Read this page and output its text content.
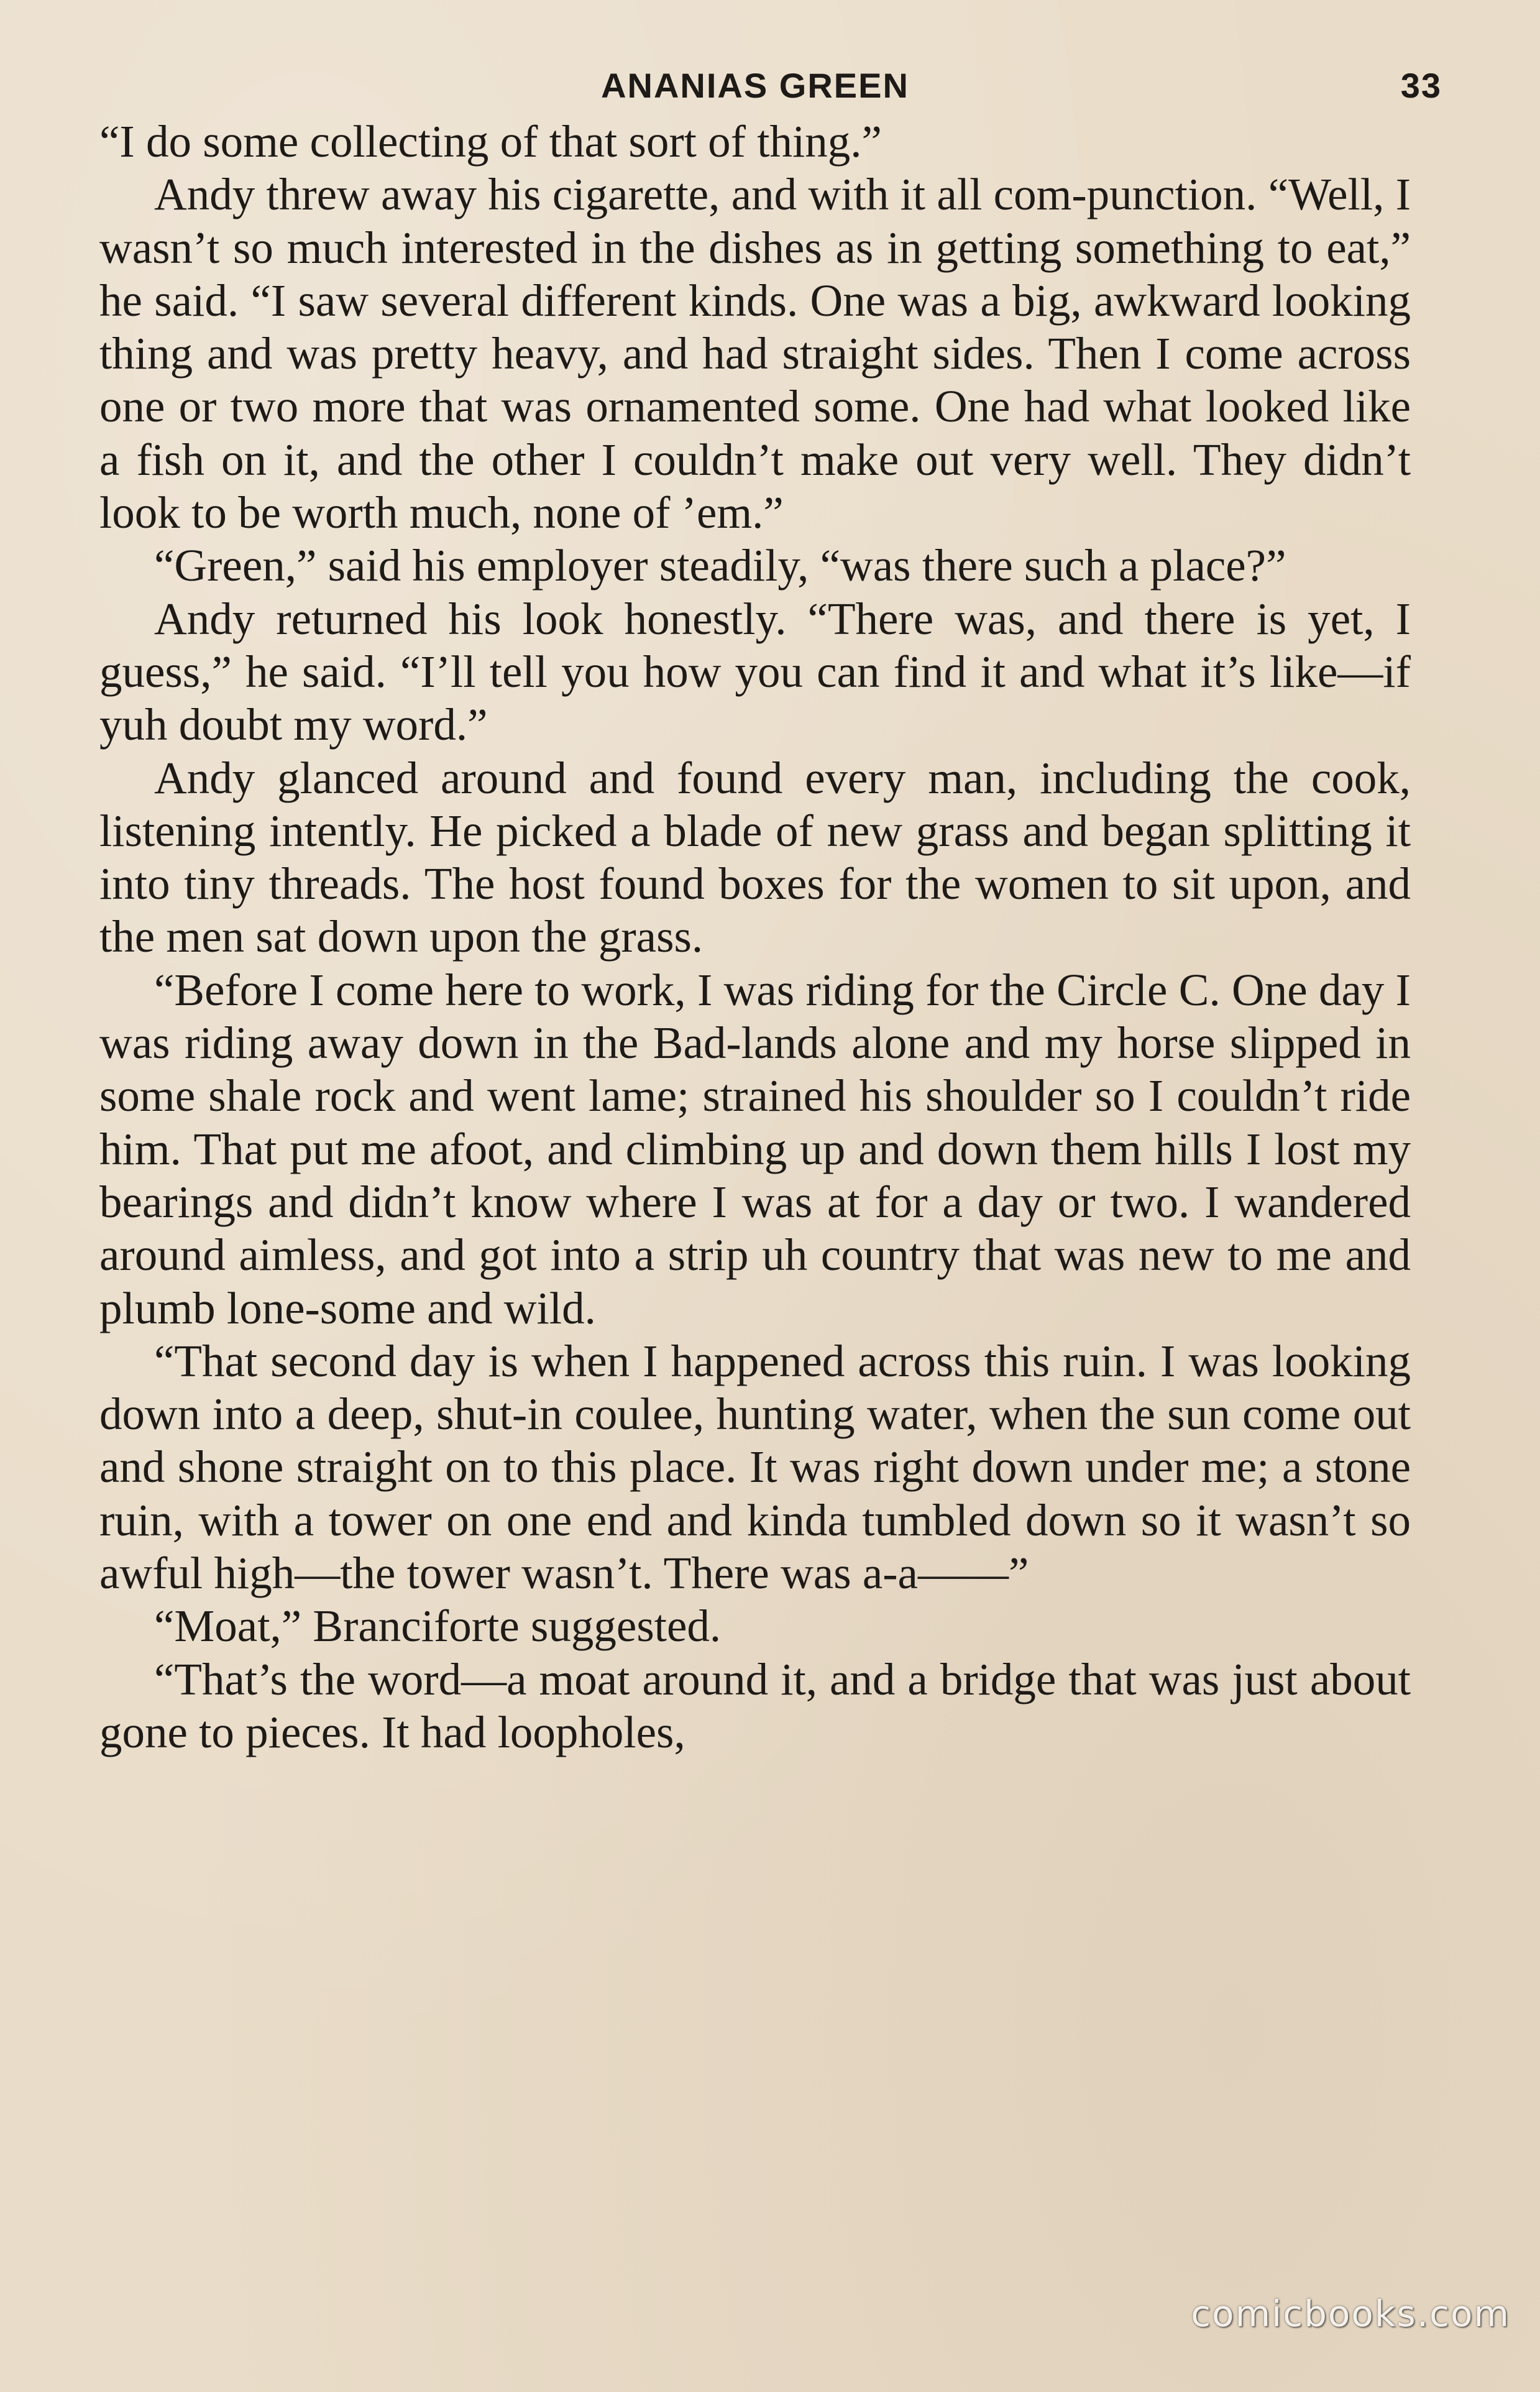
ANANIAS GREEN	33

“I do some collecting of that sort of thing.”

Andy threw away his cigarette, and with it all com-punction. “Well, I wasn’t so much interested in the dishes as in getting something to eat,” he said. “I saw several different kinds. One was a big, awkward looking thing and was pretty heavy, and had straight sides. Then I come across one or two more that was ornamented some. One had what looked like a fish on it, and the other I couldn’t make out very well. They didn’t look to be worth much, none of ’em.”

“Green,” said his employer steadily, “was there such a place?”

Andy returned his look honestly. “There was, and there is yet, I guess,” he said. “I’ll tell you how you can find it and what it’s like—if yuh doubt my word.”

Andy glanced around and found every man, including the cook, listening intently. He picked a blade of new grass and began splitting it into tiny threads. The host found boxes for the women to sit upon, and the men sat down upon the grass.

“Before I come here to work, I was riding for the Circle C. One day I was riding away down in the Bad-lands alone and my horse slipped in some shale rock and went lame; strained his shoulder so I couldn’t ride him. That put me afoot, and climbing up and down them hills I lost my bearings and didn’t know where I was at for a day or two. I wandered around aimless, and got into a strip uh country that was new to me and plumb lone-some and wild.

“That second day is when I happened across this ruin. I was looking down into a deep, shut-in coulee, hunting water, when the sun come out and shone straight on to this place. It was right down under me; a stone ruin, with a tower on one end and kinda tumbled down so it wasn’t so awful high—the tower wasn’t. There was a-a——”

“Moat,” Branciforte suggested.

“That’s the word—a moat around it, and a bridge that was just about gone to pieces. It had loopholes,

comicbooks.com
